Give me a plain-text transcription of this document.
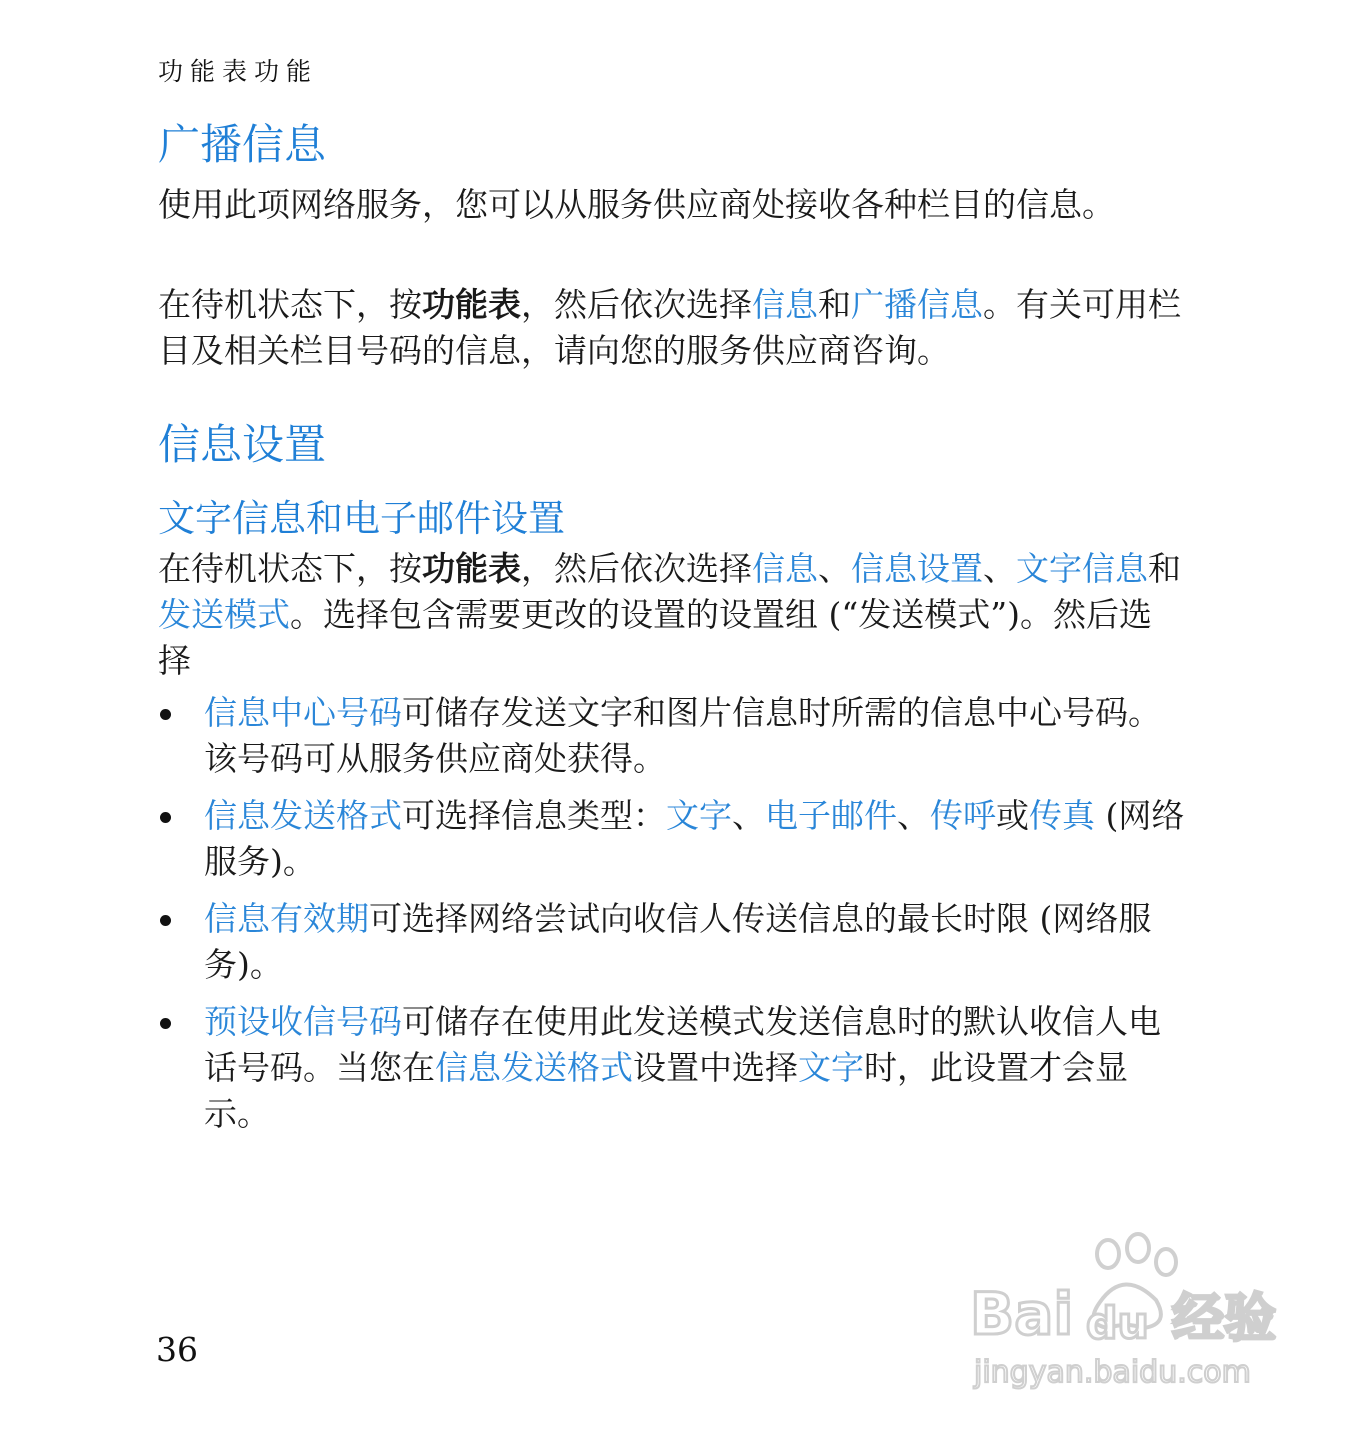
功能表功能
广播信息

使用此项网络服务，您可以从服务供应商处接收各种栏目的信息。

在待机状态下，按功能表，然后依次选择信息和广播信息。有关可用栏目及相关栏目号码的信息，请向您的服务供应商咨询。

信息设置
文字信息和电子邮件设置

在待机状态下，按功能表，然后依次选择信息、信息设置、文字信息和发送模式。选择包含需要更改的设置的设置组 (“发送模式”)。然后选择

信息中心号码可储存发送文字和图片信息时所需的信息中心号码。该号码可从服务供应商处获得。
信息发送格式可选择信息类型：文字、电子邮件、传呼或传真 (网络服务)。
信息有效期可选择网络尝试向收信人传送信息的最长时限 (网络服务)。
预设收信号码可储存在使用此发送模式发送信息时的默认收信人电话号码。当您在信息发送格式设置中选择文字时，此设置才会显示。
36
Bai du 经验
jingyan.baidu.com
